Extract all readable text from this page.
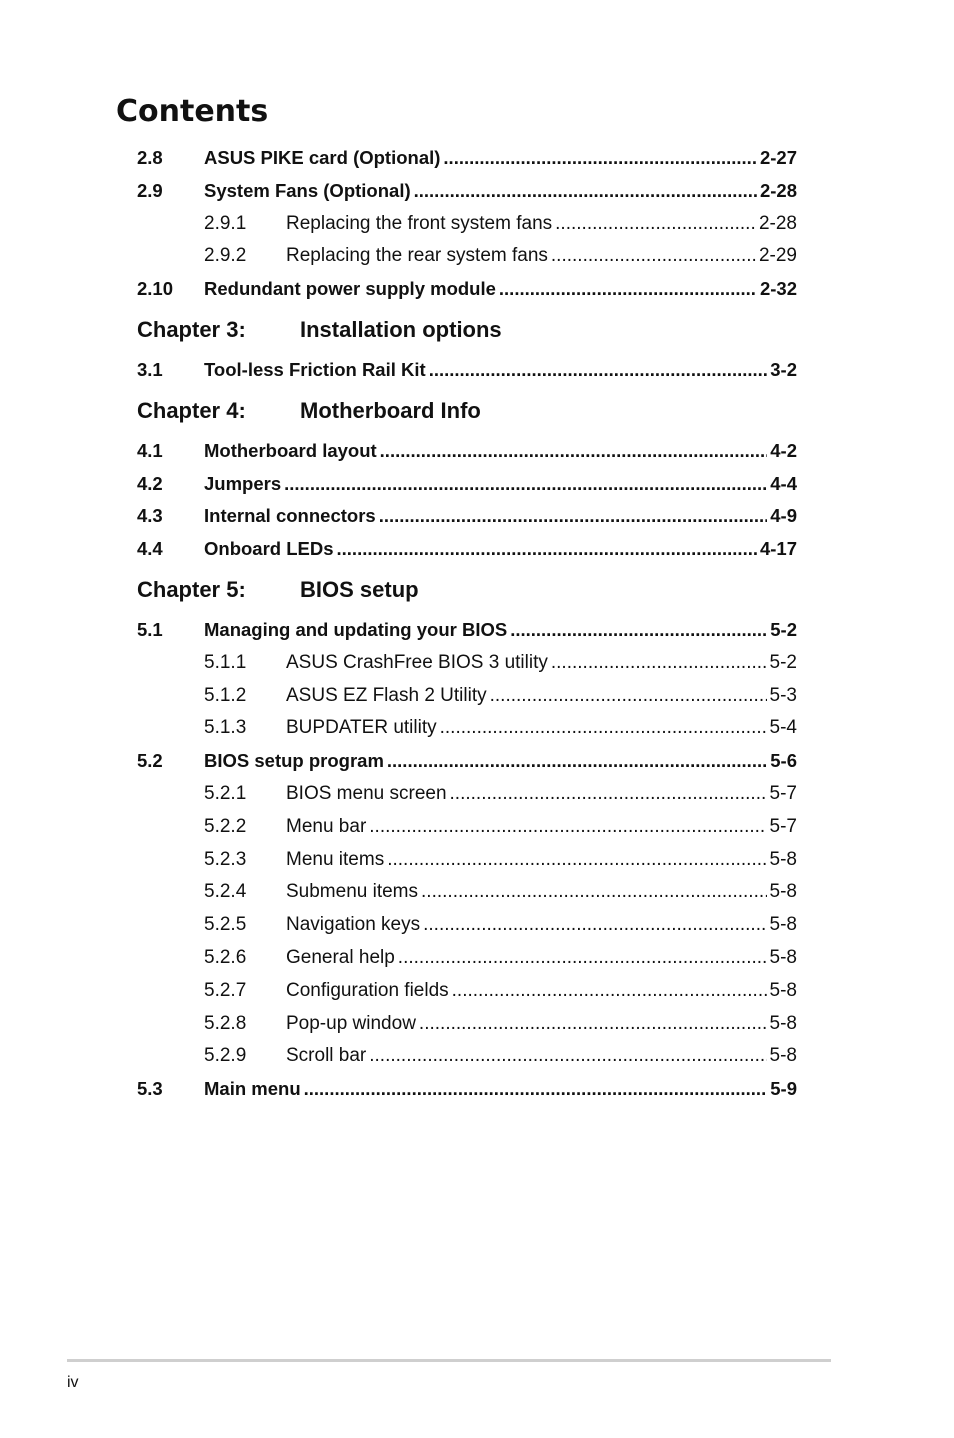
Contents
2.8	ASUS PIKE card (Optional) .....	2-27
2.9	System Fans (Optional) .....	2-28
2.9.1	Replacing the front system fans .....	2-28
2.9.2	Replacing the rear system fans .....	2-29
2.10	Redundant power supply module .....	2-32
Chapter 3:	Installation options
3.1	Tool-less Friction Rail Kit .....	3-2
Chapter 4:	Motherboard Info
4.1	Motherboard layout .....	4-2
4.2	Jumpers .....	4-4
4.3	Internal connectors .....	4-9
4.4	Onboard LEDs .....	4-17
Chapter 5:	BIOS setup
5.1	Managing and updating your BIOS .....	5-2
5.1.1	ASUS CrashFree BIOS 3 utility .....	5-2
5.1.2	ASUS EZ Flash 2 Utility .....	5-3
5.1.3	BUPDATER utility .....	5-4
5.2	BIOS setup program .....	5-6
5.2.1	BIOS menu screen .....	5-7
5.2.2	Menu bar .....	5-7
5.2.3	Menu items .....	5-8
5.2.4	Submenu items .....	5-8
5.2.5	Navigation keys .....	5-8
5.2.6	General help .....	5-8
5.2.7	Configuration fields .....	5-8
5.2.8	Pop-up window .....	5-8
5.2.9	Scroll bar .....	5-8
5.3	Main menu .....	5-9
iv
